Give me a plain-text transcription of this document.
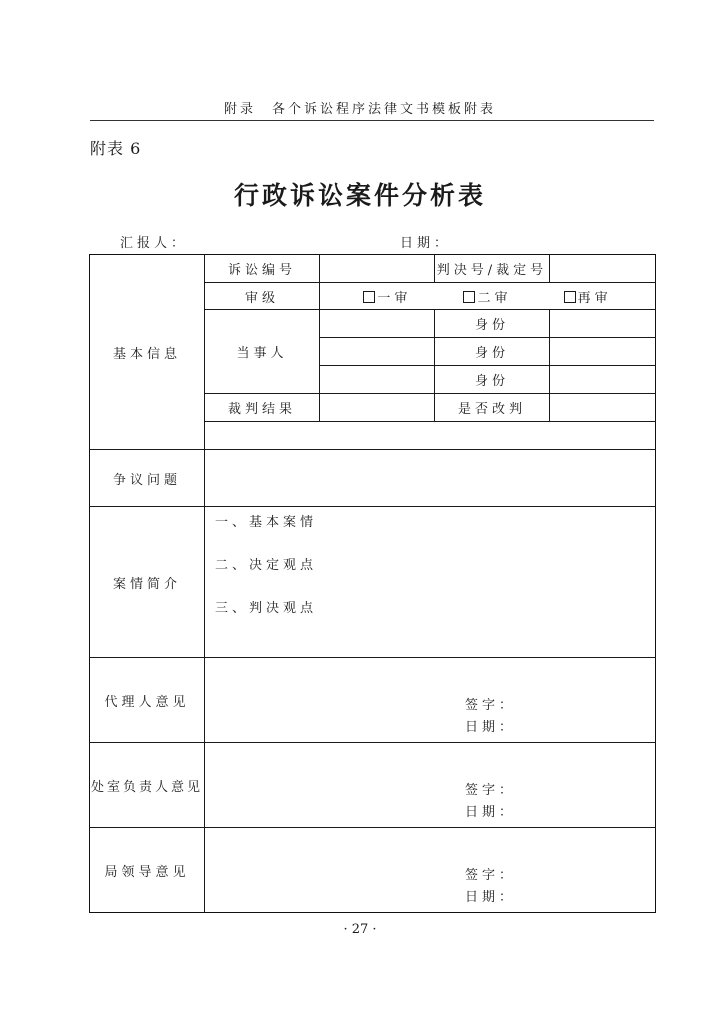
附录　各个诉讼程序法律文书模板附表
附表 6
行政诉讼案件分析表
汇报人：	日期：
基本信息	诉讼编号		判决号/裁定号	
	审级	一审 二审 再审		
	当事人		身份	
			身份	
			身份	
	裁判结果		是否改判	

争议问题				
案情简介	一、基本案情
二、决定观点
三、判决观点			

代理人意见	签字：
日期：			

处室负责人意见	签字：
日期：			

局领导意见	签字：
日期：			
· 27 ·
